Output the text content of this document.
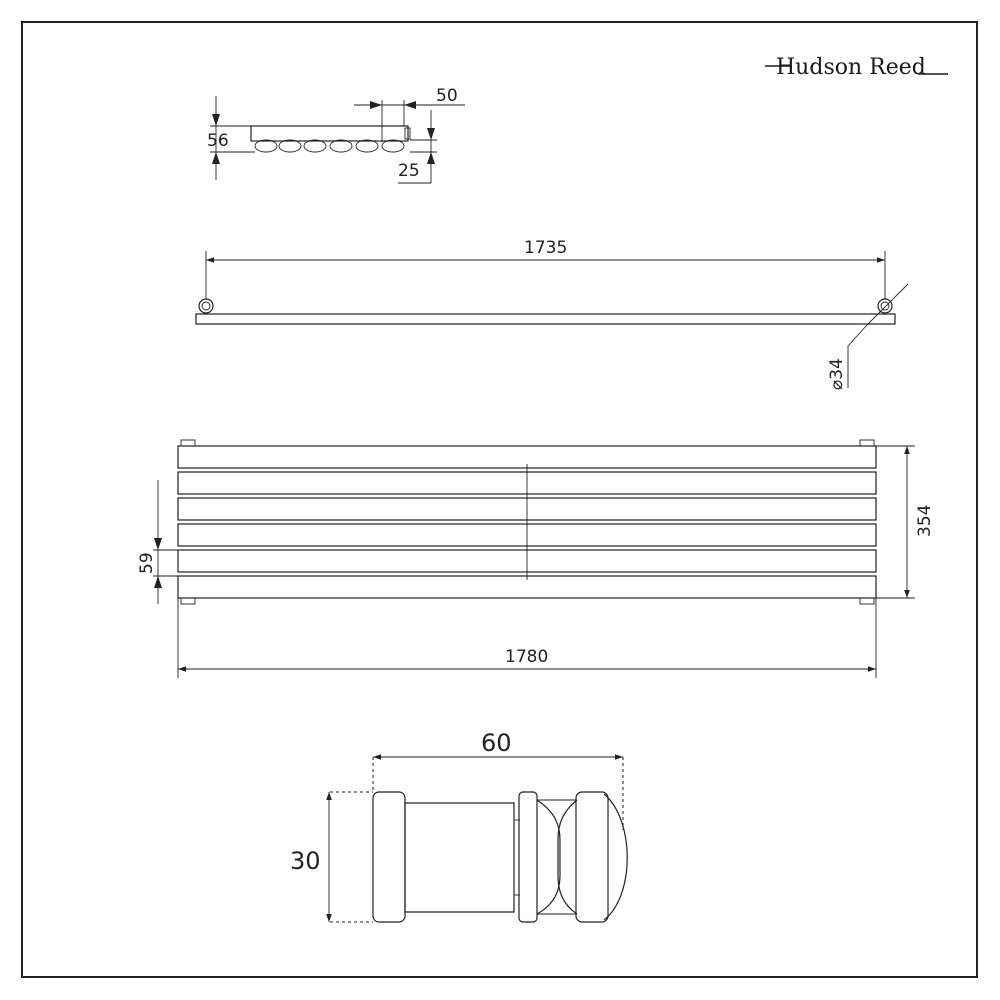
Hudson Reed
56
50
25
1735
⌀34
354
59
1780
60
30
